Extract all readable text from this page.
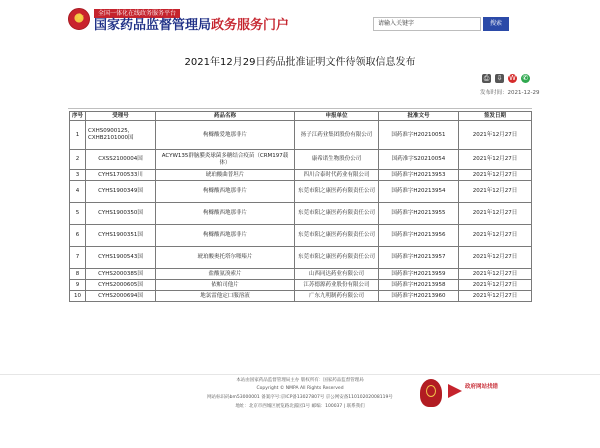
★	全国一体化在线政务服务平台
国家药品监督管理局政务服务门户	请输入关键字	搜索
2021年12月29日药品批准证明文件待领取信息发布
⎙ ⇩ W ✆
发布时间：2021-12-29
序号	受理号	药品名称	申报单位	批准文号	签发日期
1	CXHS0900125，CXHB2101000国	枸橼酸爱地那非片	扬子江药业集团股份有限公司	国药准字H20210051	2021年12月27日
2	CXSS2100004国	ACYW135群脑膜炎球菌多糖结合疫苗（CRM197载体）	康希诺生物股份公司	国药准字S20210054	2021年12月27日
3	CYHS1700533川	琥珀酸曲普坦片	四川合泰时代药业有限公司	国药准字H20213953	2021年12月27日
4	CYHS1900349国	枸橼酸西地那非片	东莞市阳之康医药有限责任公司	国药准字H20213954	2021年12月27日
5	CYHS1900350国	枸橼酸西地那非片	东莞市阳之康医药有限责任公司	国药准字H20213955	2021年12月27日
6	CYHS1900351国	枸橼酸西地那非片	东莞市阳之康医药有限责任公司	国药准字H20213956	2021年12月27日
7	CYHS1900543国	琥珀酸奥托塔尔哌嗪片	东莞市阳之康医药有限责任公司	国药准字H20213957	2021年12月27日
8	CYHS2000385国	盐酸氨溴索片	山西同达药业有限公司	国药准字H20213959	2021年12月27日
9	CYHS2000605国	依帕司他片	江苏德源药业股份有限公司	国药准字H20213958	2021年12月27日
10	CYHS2000694国	地氯雷他定口服溶液	广东九明制药有限公司	国药准字H20213960	2021年12月27日
本站由国家药品监督管理局主办 版权所有：国家药品监督管理局
Copyright © NMPA All Rights Reserved
网站标识码bm53000001 备案序号:京ICP备13027807号 京公网安备11010202008119号
地址：北京市西城区展览路北露园1号 邮编：100037 | 联系我们
政府网站找错
